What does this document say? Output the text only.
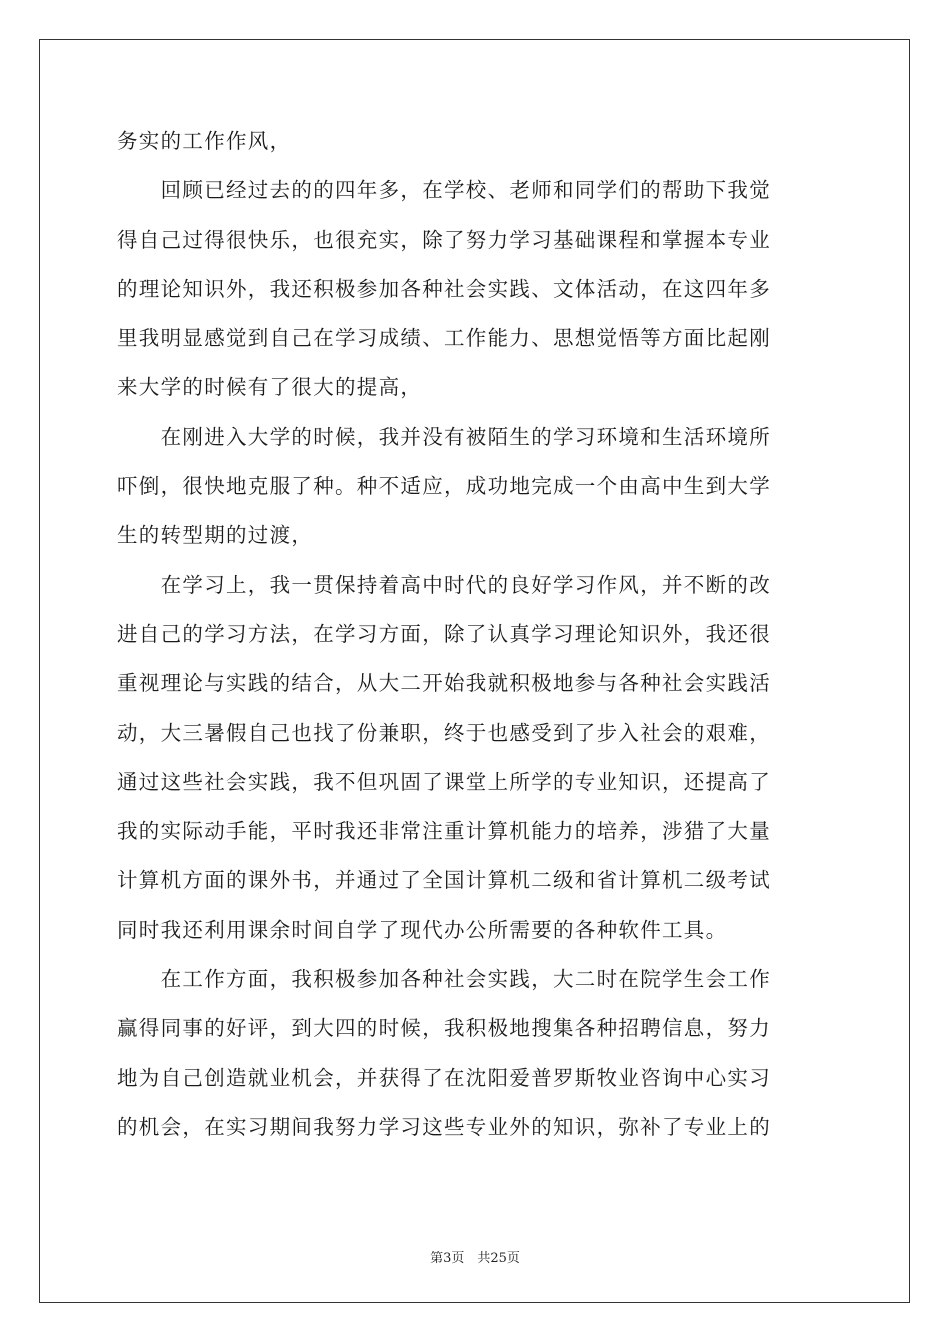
务实的工作作风，
　　回顾已经过去的的四年多，在学校、老师和同学们的帮助下我觉
得自己过得很快乐，也很充实，除了努力学习基础课程和掌握本专业
的理论知识外，我还积极参加各种社会实践、文体活动，在这四年多
里我明显感觉到自己在学习成绩、工作能力、思想觉悟等方面比起刚
来大学的时候有了很大的提高，
　　在刚进入大学的时候，我并没有被陌生的学习环境和生活环境所
吓倒，很快地克服了种。种不适应，成功地完成一个由高中生到大学
生的转型期的过渡，
　　在学习上，我一贯保持着高中时代的良好学习作风，并不断的改
进自己的学习方法，在学习方面，除了认真学习理论知识外，我还很
重视理论与实践的结合，从大二开始我就积极地参与各种社会实践活
动，大三暑假自己也找了份兼职，终于也感受到了步入社会的艰难，
通过这些社会实践，我不但巩固了课堂上所学的专业知识，还提高了
我的实际动手能，平时我还非常注重计算机能力的培养，涉猎了大量
计算机方面的课外书，并通过了全国计算机二级和省计算机二级考试
同时我还利用课余时间自学了现代办公所需要的各种软件工具。
　　在工作方面，我积极参加各种社会实践，大二时在院学生会工作
赢得同事的好评，到大四的时候，我积极地搜集各种招聘信息，努力
地为自己创造就业机会，并获得了在沈阳爱普罗斯牧业咨询中心实习
的机会，在实习期间我努力学习这些专业外的知识，弥补了专业上的
第3页　共25页
